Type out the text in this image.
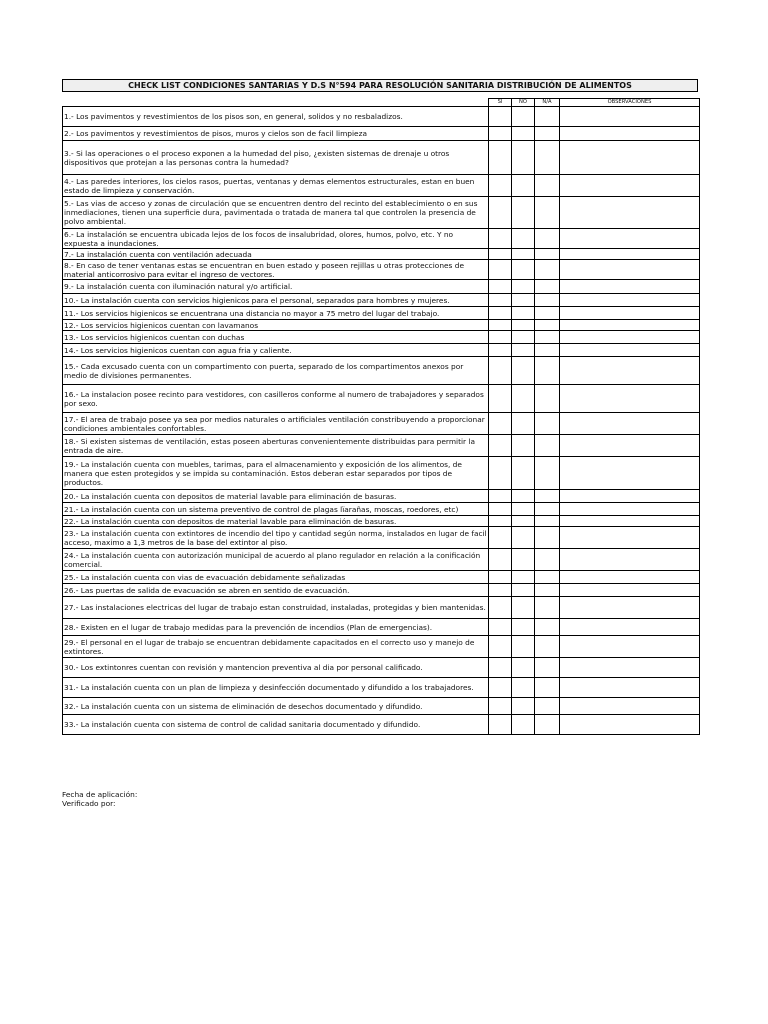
CHECK LIST CONDICIONES SANTARIAS Y D.S N°594 PARA RESOLUCIÓN SANITARIA DISTRIBUCIÓN DE ALIMENTOS
	SI	NO	N/A	OBSERVACIONES
1.- Los pavimentos y revestimientos de los pisos son, en general, solidos y no resbaladizos.				
2.- Los pavimentos y revestimientos de pisos, muros y cielos son de facil limpieza				
3.- Si las operaciones o el proceso exponen a la humedad del piso, ¿existen sistemas de drenaje u otros dispositivos que protejan a las personas contra la humedad?				
4.- Las paredes interiores, los cielos rasos, puertas, ventanas y demas elementos estructurales, estan en buen estado de limpieza y conservación.				
5.- Las vias de acceso y zonas de circulación que se encuentren dentro del recinto del establecimiento o en sus inmediaciones, tienen una superficie dura, pavimentada o tratada de manera tal que controlen la presencia de polvo ambiental.				
6.- La instalación se encuentra ubicada lejos de los focos de insalubridad, olores, humos, polvo, etc. Y no expuesta a inundaciones.				
7.- La instalación cuenta con ventilación adecuada				
8.- En caso de tener ventanas estas se encuentran en buen estado y poseen rejillas u otras protecciones de material anticorrosivo para evitar el ingreso de vectores.				
9.- La instalación cuenta con iluminación natural y/o artificial.				
10.- La instalación cuenta con servicios higienicos para el personal, separados para hombres y mujeres.				
11.- Los servicios higienicos se encuentrana una distancia no mayor a 75 metro del lugar del trabajo.				
12.- Los servicios higienicos cuentan con lavamanos				
13.- Los servicios higienicos cuentan con duchas				
14.- Los servicios higienicos cuentan con agua fria y caliente.				
15.- Cada excusado cuenta con un compartimento con puerta, separado de los compartimentos anexos por medio de divisiones permanentes.				
16.- La instalacion posee recinto para vestidores, con casilleros conforme al numero de trabajadores y separados por sexo.				
17.- El area de trabajo posee ya sea por medios naturales o artificiales ventilación constribuyendo a proporcionar condiciones ambientales confortables.				
18.- Si existen sistemas de ventilación, estas poseen aberturas convenientemente distribuidas para permitir la entrada de aire.				
19.- La instalación cuenta con muebles, tarimas, para el almacenamiento y exposición de los alimentos, de manera que esten protegidos y se impida su contaminación. Estos deberan estar separados por tipos de productos.				
20.- La instalación cuenta con depositos de material lavable para eliminación de basuras.				
21.- La instalación cuenta con un sistema preventivo de control de plagas lı̈arañas, moscas, roedores, etc)				
22.- La instalación cuenta con depositos de material lavable para eliminación de basuras.				
23.- La instalación cuenta con extintores de incendio del tipo y cantidad según norma, instalados en lugar de facil acceso, maximo a 1,3 metros de la base del extintor al piso.				
24.- La instalación cuenta con autorización municipal de acuerdo al plano regulador en relación a la conificación comercial.				
25.- La instalación cuenta con vias de evacuación debidamente señalizadas				
26.- Las puertas de salida de evacuación se abren en sentido de evacuación.				
27.- Las instalaciones electricas del lugar de trabajo estan construidad, instaladas, protegidas y bien mantenidas.				
28.- Existen en el lugar de trabajo medidas para la prevención de incendios (Plan de emergencias).				
29.- El personal en el lugar de trabajo se encuentran debidamente capacitados en el correcto uso y manejo de extintores.				
30.- Los extintonres cuentan con revisión y mantencion preventiva al dia por personal calificado.				
31.- La instalación cuenta con un plan de limpieza y desinfección documentado y difundido a los trabajadores.				
32.- La instalación cuenta con un sistema de eliminación de desechos documentado y difundido.				
33.- La instalación cuenta con sistema de control de calidad sanitaria documentado y difundido.				
Fecha de aplicación:
Verificado por:
